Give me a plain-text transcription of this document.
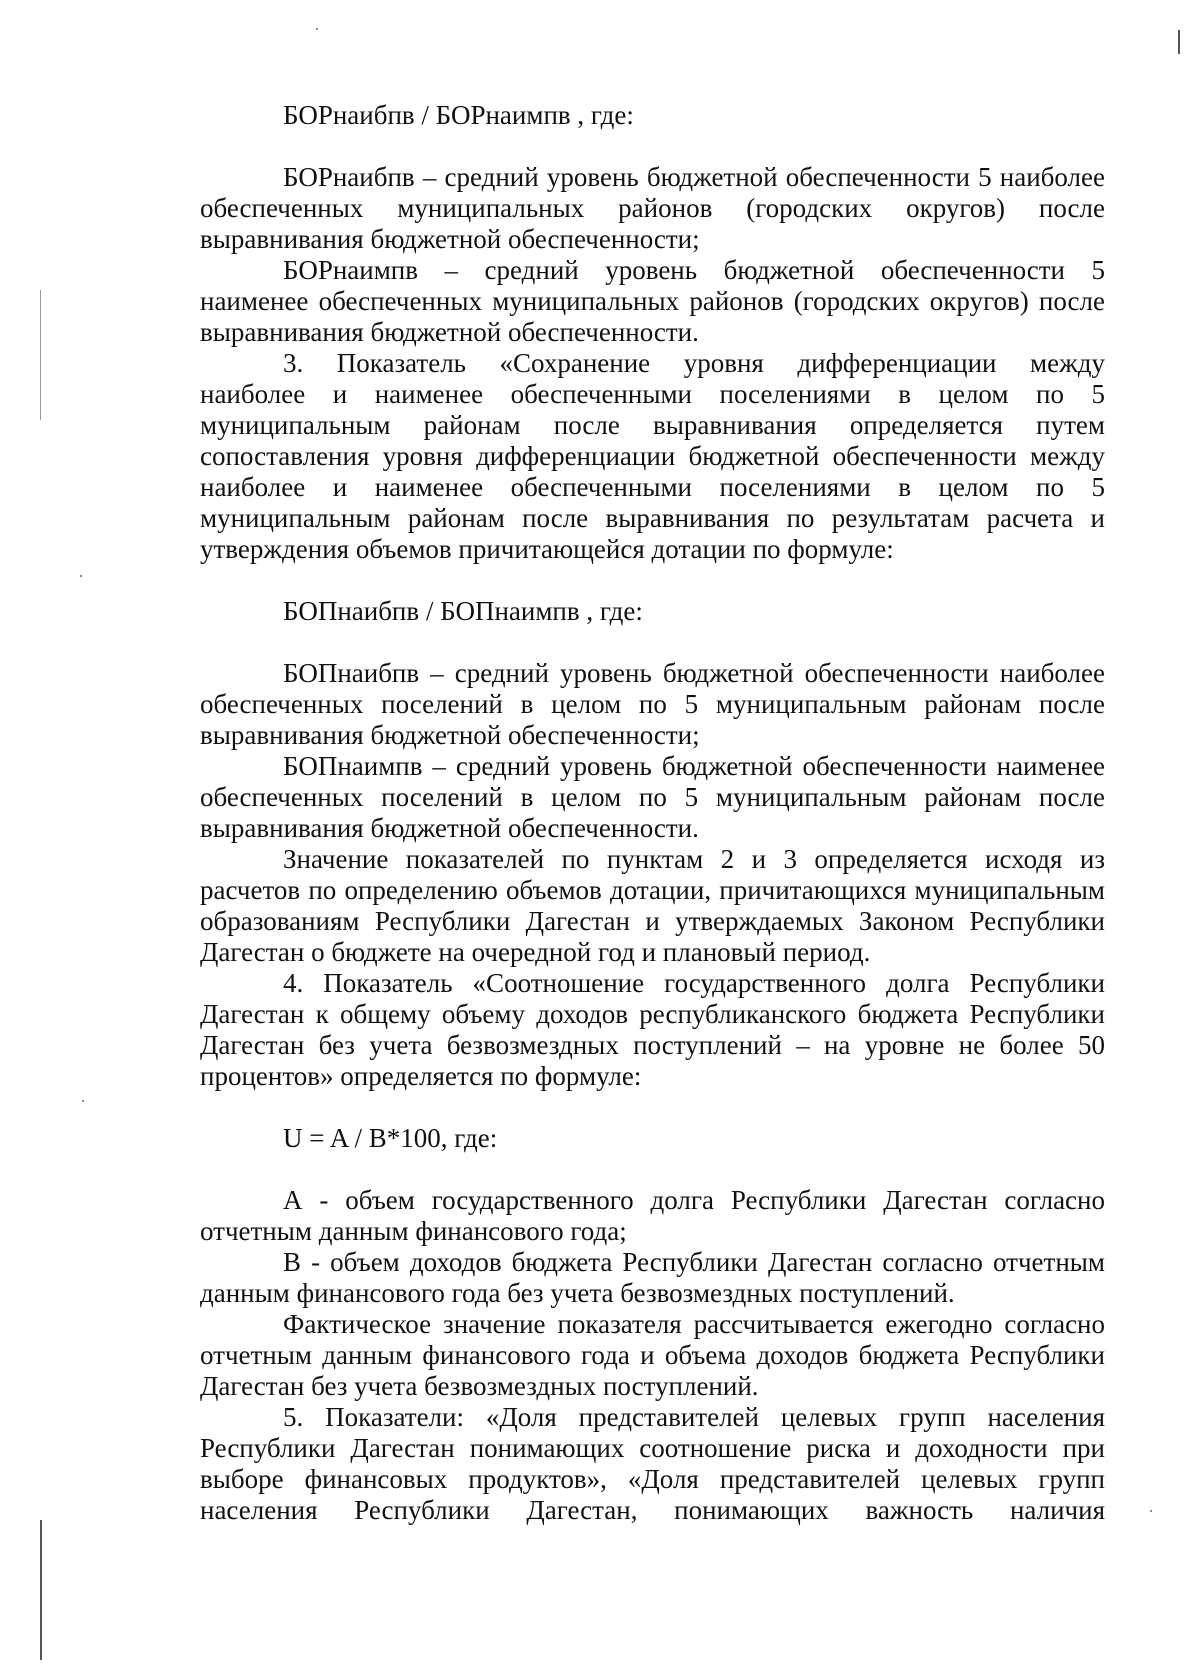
БОРнаибпв / БОРнаимпв , где:
БОРнаибпв – средний уровень бюджетной обеспеченности 5 наиболее
обеспеченных муниципальных районов (городских округов) после
выравнивания бюджетной обеспеченности;
БОРнаимпв – средний уровень бюджетной обеспеченности 5
наименее обеспеченных муниципальных районов (городских округов) после
выравнивания бюджетной обеспеченности.
3. Показатель «Сохранение уровня дифференциации между
наиболее и наименее обеспеченными поселениями в целом по 5
муниципальным районам после выравнивания определяется путем
сопоставления уровня дифференциации бюджетной обеспеченности между
наиболее и наименее обеспеченными поселениями в целом по 5
муниципальным районам после выравнивания по результатам расчета и
утверждения объемов причитающейся дотации по формуле:
БОПнаибпв / БОПнаимпв , где:
БОПнаибпв – средний уровень бюджетной обеспеченности наиболее
обеспеченных поселений в целом по 5 муниципальным районам после
выравнивания бюджетной обеспеченности;
БОПнаимпв – средний уровень бюджетной обеспеченности наименее
обеспеченных поселений в целом по 5 муниципальным районам после
выравнивания бюджетной обеспеченности.
Значение показателей по пунктам 2 и 3 определяется исходя из
расчетов по определению объемов дотации, причитающихся муниципальным
образованиям Республики Дагестан и утверждаемых Законом Республики
Дагестан о бюджете на очередной год и плановый период.
4. Показатель «Соотношение государственного долга Республики
Дагестан к общему объему доходов республиканского бюджета Республики
Дагестан без учета безвозмездных поступлений – на уровне не более 50
процентов» определяется по формуле:
U = A / B*100, где:
А - объем государственного долга Республики Дагестан согласно
отчетным данным финансового года;
В - объем доходов бюджета Республики Дагестан согласно отчетным
данным финансового года без учета безвозмездных поступлений.
Фактическое значение показателя рассчитывается ежегодно согласно
отчетным данным финансового года и объема доходов бюджета Республики
Дагестан без учета безвозмездных поступлений.
5. Показатели: «Доля представителей целевых групп населения
Республики Дагестан понимающих соотношение риска и доходности при
выборе финансовых продуктов», «Доля представителей целевых групп
населения Республики Дагестан, понимающих важность наличия
